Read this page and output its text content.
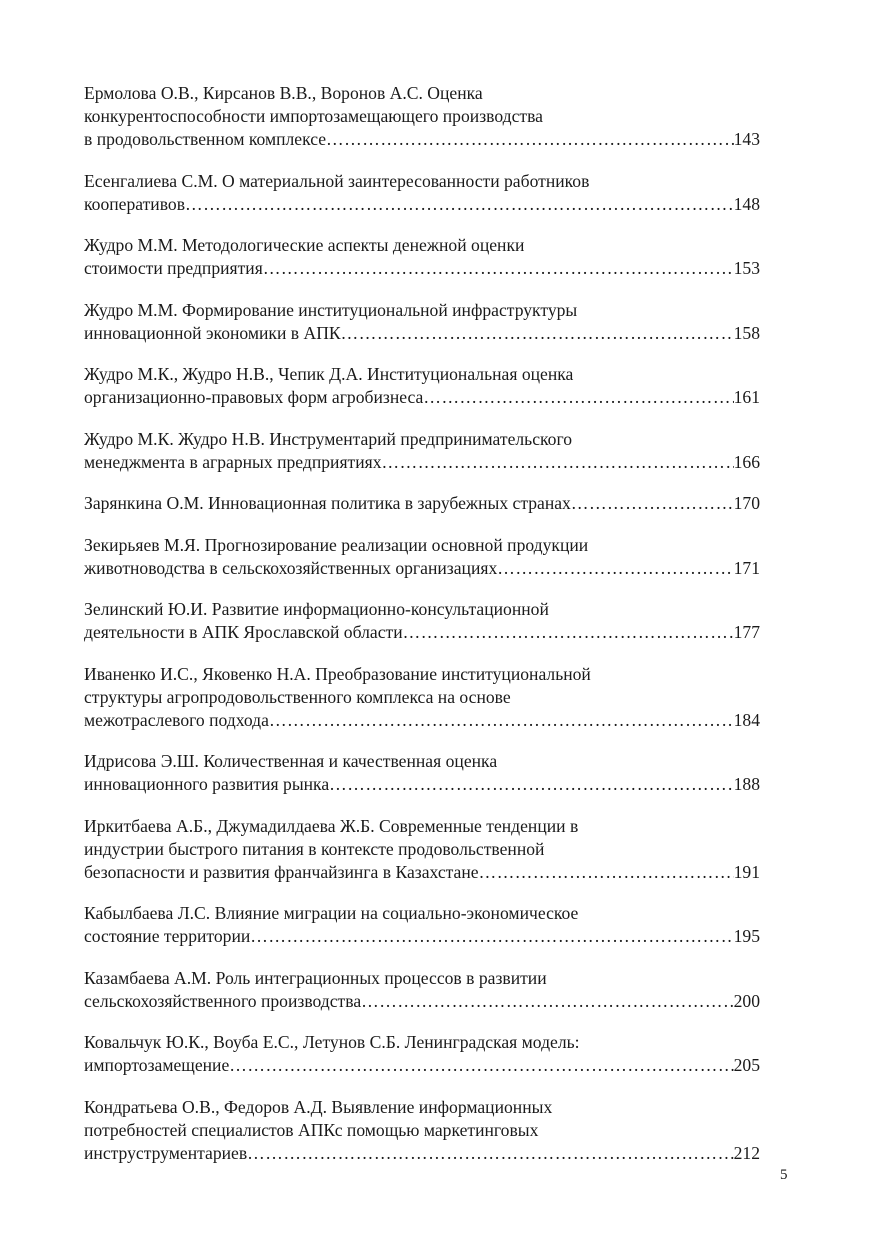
Ермолова О.В., Кирсанов В.В., Воронов А.С. Оценка
конкурентоспособности импортозамещающего производства
в продовольственном комплексе ………………………………………………………………………………………………………………………………………………………………………………………………………	143
Есенгалиева С.М. О материальной заинтересованности работников
кооперативов ………………………………………………………………………………………………………………………………………………………………………………………………………	148
Жудро М.М. Методологические аспекты денежной оценки
стоимости предприятия ………………………………………………………………………………………………………………………………………………………………………………………………………	153
Жудро М.М. Формирование институциональной инфраструктуры
инновационной экономики в АПК ………………………………………………………………………………………………………………………………………………………………………………………………………	158
Жудро М.К., Жудро Н.В., Чепик Д.А. Институциональная оценка
организационно-правовых форм агробизнеса ………………………………………………………………………………………………………………………………………………………………………………………………………	161
Жудро М.К. Жудро Н.В. Инструментарий предпринимательского
менеджмента в аграрных предприятиях ………………………………………………………………………………………………………………………………………………………………………………………………………	166
Зарянкина О.М. Инновационная политика в зарубежных странах ………………………………………………………………………………………………………………………………………………………………………………………………………	170
Зекирьяев М.Я. Прогнозирование реализации основной продукции
животноводства в сельскохозяйственных организациях ………………………………………………………………………………………………………………………………………………………………………………………………………	171
Зелинский Ю.И. Развитие информационно-консультационной
деятельности в АПК Ярославской области ………………………………………………………………………………………………………………………………………………………………………………………………………	177
Иваненко И.С., Яковенко Н.А. Преобразование институциональной
структуры агропродовольственного комплекса на основе
межотраслевого подхода ………………………………………………………………………………………………………………………………………………………………………………………………………	184
Идрисова Э.Ш. Количественная и качественная оценка
инновационного развития рынка ………………………………………………………………………………………………………………………………………………………………………………………………………	188
Иркитбаева А.Б., Джумадилдаева Ж.Б. Современные тенденции в
индустрии быстрого питания в контексте продовольственной
безопасности и развития франчайзинга в Казахстане ………………………………………………………………………………………………………………………………………………………………………………………………………	191
Кабылбаева Л.С. Влияние миграции на социально-экономическое
состояние территории ………………………………………………………………………………………………………………………………………………………………………………………………………	195
Казамбаева А.М. Роль интеграционных процессов в развитии
сельскохозяйственного производства ………………………………………………………………………………………………………………………………………………………………………………………………………	200
Ковальчук Ю.К., Воуба Е.С., Летунов С.Б. Ленинградская модель:
импортозамещение ………………………………………………………………………………………………………………………………………………………………………………………………………	205
Кондратьева О.В., Федоров А.Д. Выявление информационных
потребностей специалистов АПКс помощью маркетинговых
инструструментариев ………………………………………………………………………………………………………………………………………………………………………………………………………	212
5
